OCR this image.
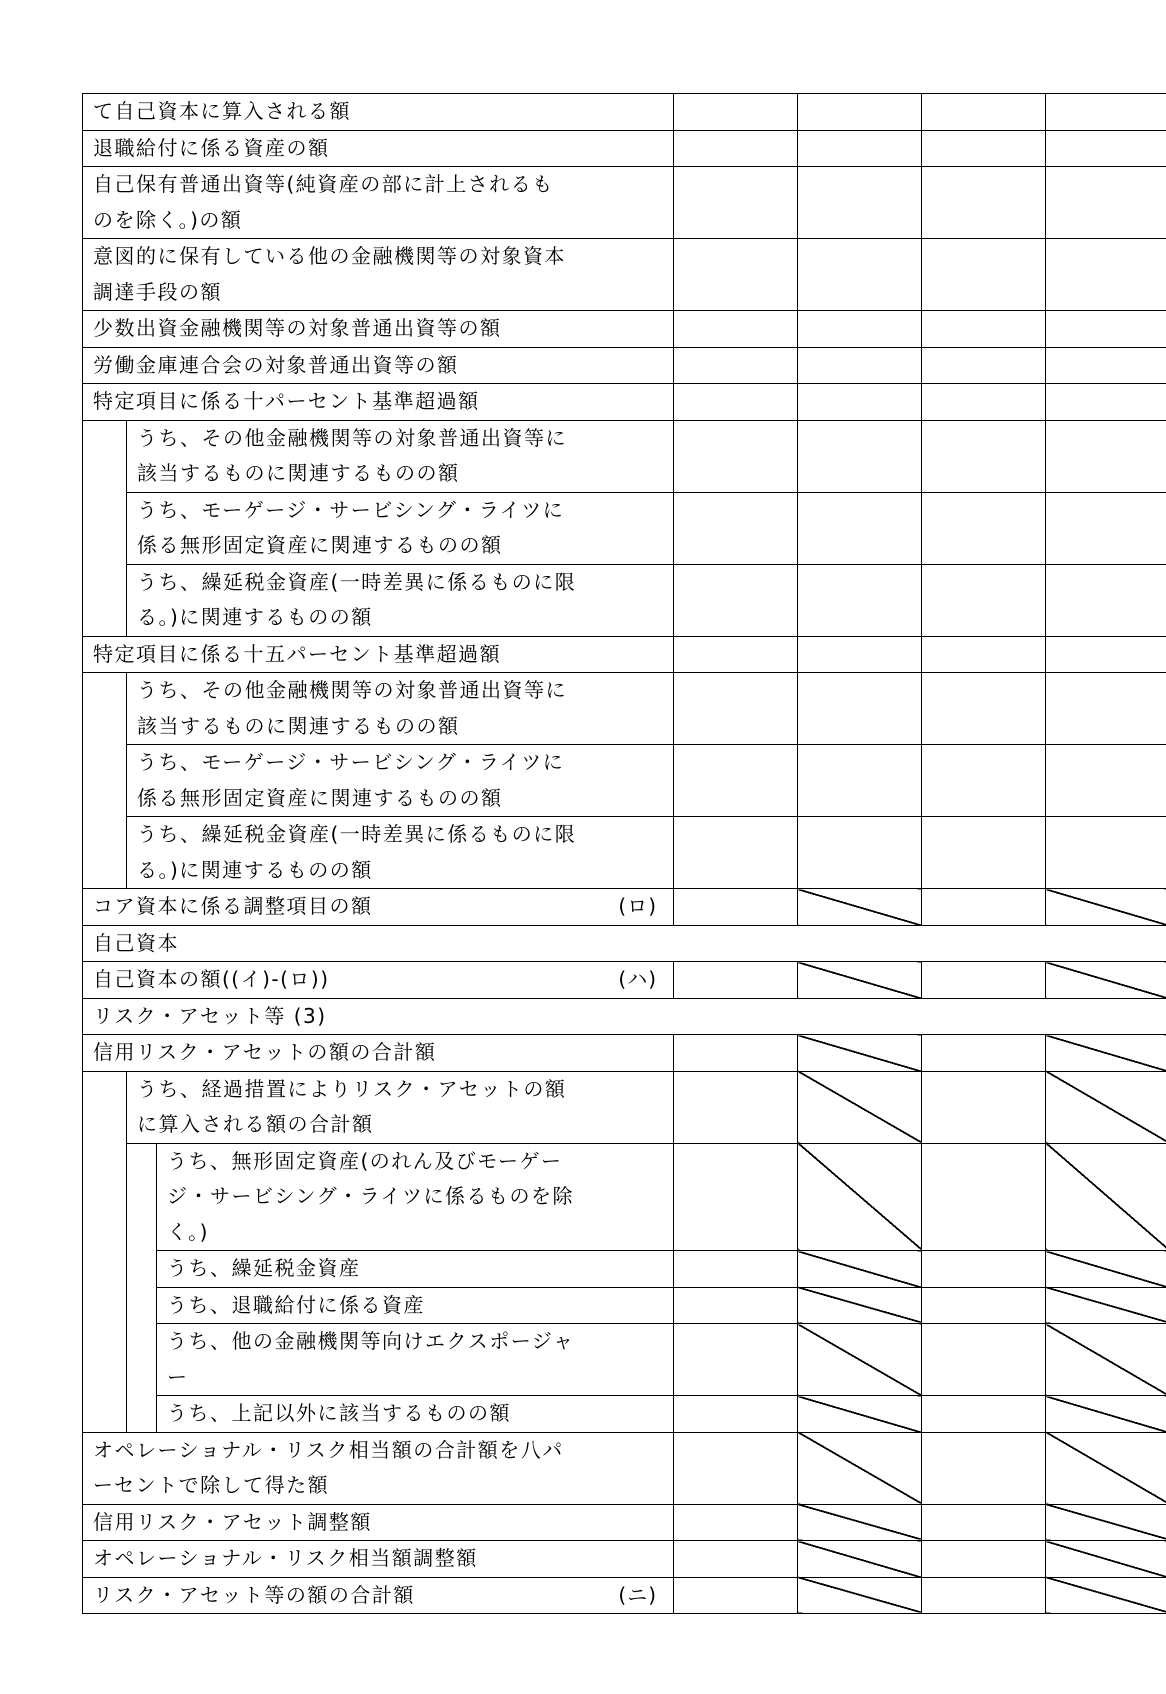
て自己資本に算入される額						

退職給付に係る資産の額						

自己保有普通出資等(純資産の部に計上されるも
のを除く。)の額						

意図的に保有している他の金融機関等の対象資本
調達手段の額						

少数出資金融機関等の対象普通出資等の額						

労働金庫連合会の対象普通出資等の額						

特定項目に係る十パーセント基準超過額						

	うち、その他金融機関等の対象普通出資等に
該当するものに関連するものの額					

	うち、モーゲージ・サービシング・ライツに
係る無形固定資産に関連するものの額					

	うち、繰延税金資産(一時差異に係るものに限
る。)に関連するものの額					

特定項目に係る十五パーセント基準超過額						

	うち、その他金融機関等の対象普通出資等に
該当するものに関連するものの額					

	うち、モーゲージ・サービシング・ライツに
係る無形固定資産に関連するものの額					

	うち、繰延税金資産(一時差異に係るものに限
る。)に関連するものの額					

コア資本に係る調整項目の額 (ロ)						

自己資本						

自己資本の額((イ)-(ロ)) (ハ)						

リスク・アセット等 (3)						

信用リスク・アセットの額の合計額						

	うち、経過措置によりリスク・アセットの額
に算入される額の合計額					

		うち、無形固定資産(のれん及びモーゲー
ジ・サービシング・ライツに係るものを除
く。)				

		うち、繰延税金資産				

		うち、退職給付に係る資産				

		うち、他の金融機関等向けエクスポージャ
ー				

		うち、上記以外に該当するものの額				

オペレーショナル・リスク相当額の合計額を八パ
ーセントで除して得た額						

信用リスク・アセット調整額						

オペレーショナル・リスク相当額調整額						

リスク・アセット等の額の合計額 (ニ)						
